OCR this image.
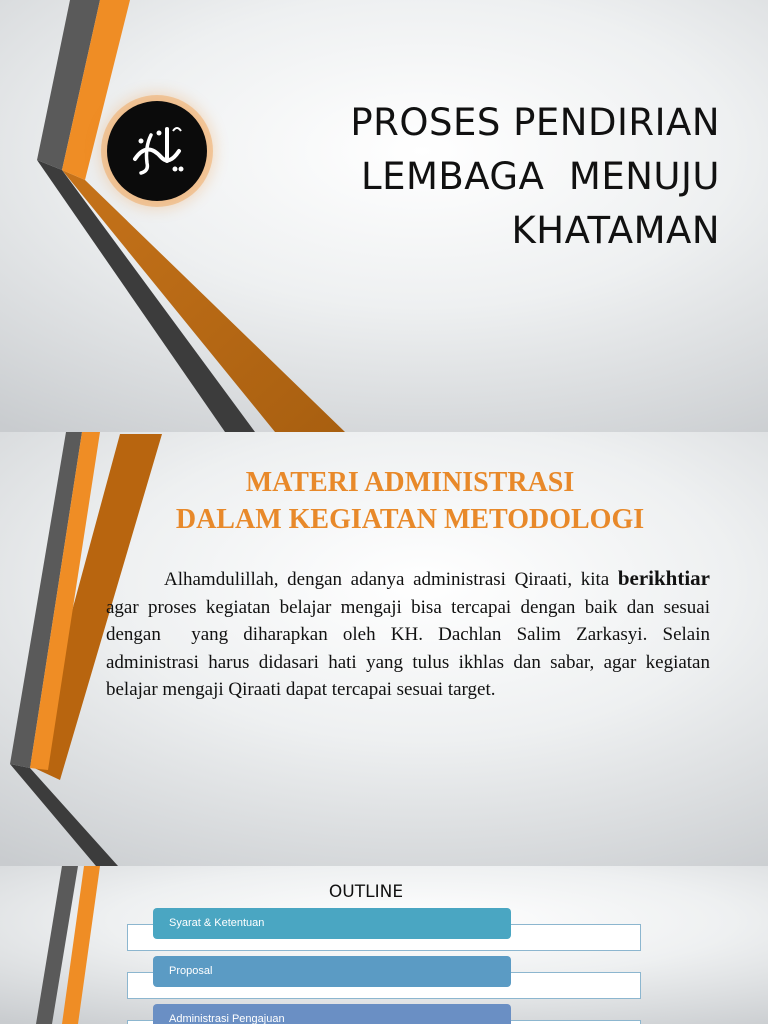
PROSES PENDIRIAN
LEMBAGA  MENUJU
KHATAMAN
MATERI ADMINISTRASI
DALAM KEGIATAN METODOLOGI
Alhamdulillah, dengan adanya administrasi Qiraati, kita berikhtiar agar proses kegiatan belajar mengaji bisa tercapai dengan baik dan sesuai dengan  yang diharapkan oleh KH. Dachlan Salim Zarkasyi. Selain administrasi harus didasari hati yang tulus ikhlas dan sabar, agar kegiatan belajar mengaji Qiraati dapat tercapai sesuai target.
OUTLINE
Syarat & Ketentuan
Proposal
Administrasi Pengajuan
